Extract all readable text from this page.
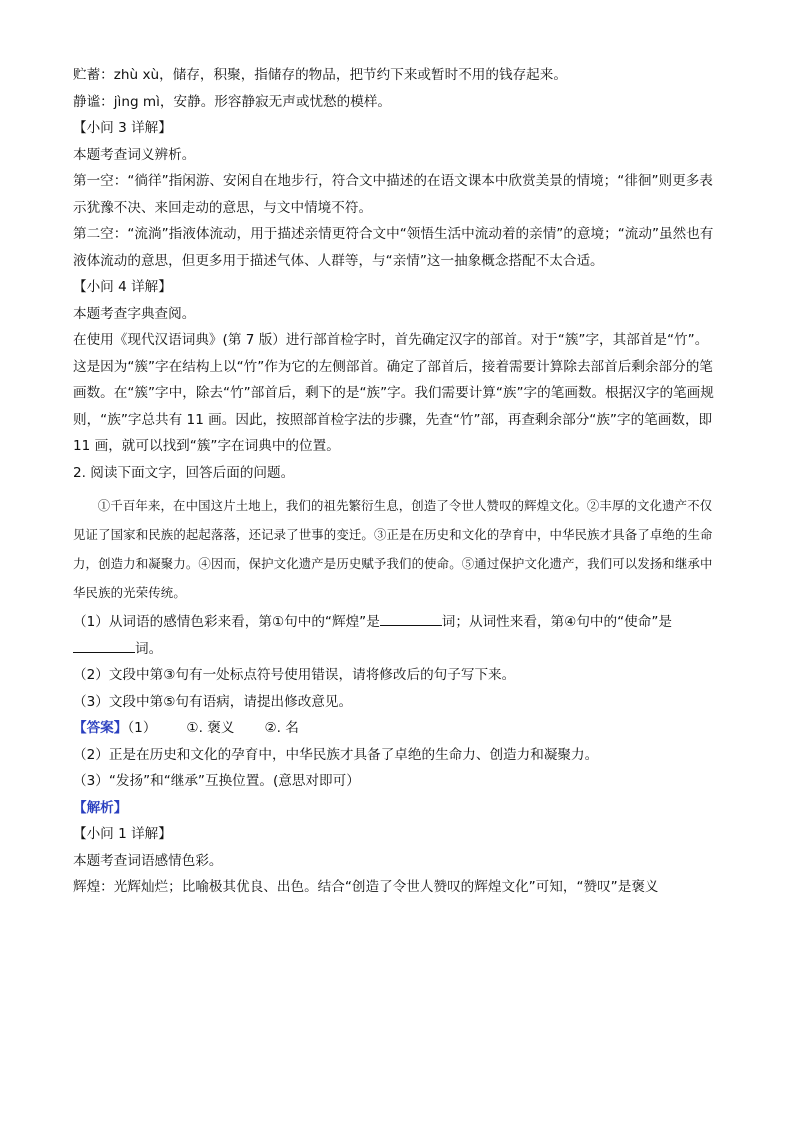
贮蓄：zhù xù，储存，积聚，指储存的物品，把节约下来或暂时不用的钱存起来。
静谧：jìng mì，安静。形容静寂无声或忧愁的模样。
【小问 3 详解】
本题考查词义辨析。
第一空：“徜徉”指闲游、安闲自在地步行，符合文中描述的在语文课本中欣赏美景的情境；“徘徊”则更多表示犹豫不决、来回走动的意思，与文中情境不符。
第二空：“流淌”指液体流动，用于描述亲情更符合文中“领悟生活中流动着的亲情”的意境；“流动”虽然也有液体流动的意思，但更多用于描述气体、人群等，与“亲情”这一抽象概念搭配不太合适。
【小问 4 详解】
本题考查字典查阅。
在使用《现代汉语词典》(第 7 版）进行部首检字时，首先确定汉字的部首。对于“簇”字，其部首是“竹”。这是因为“簇”字在结构上以“竹”作为它的左侧部首。确定了部首后，接着需要计算除去部首后剩余部分的笔画数。在“簇”字中，除去“竹”部首后，剩下的是“族”字。我们需要计算“族”字的笔画数。根据汉字的笔画规则，“族”字总共有 11 画。因此，按照部首检字法的步骤，先查“竹”部，再查剩余部分“族”字的笔画数，即 11 画，就可以找到“簇”字在词典中的位置。
2. 阅读下面文字，回答后面的问题。
①千百年来，在中国这片土地上，我们的祖先繁衍生息，创造了令世人赞叹的辉煌文化。②丰厚的文化遗产不仅见证了国家和民族的起起落落，还记录了世事的变迁。③正是在历史和文化的孕育中，中华民族才具备了卓绝的生命力，创造力和凝聚力。④因而，保护文化遗产是历史赋予我们的使命。⑤通过保护文化遗产，我们可以发扬和继承中华民族的光荣传统。
（1）从词语的感情色彩来看，第①句中的“辉煌”是	词；从词性来看，第④句中的“使命”是
词。
（2）文段中第③句有一处标点符号使用错误，请将修改后的句子写下来。
（3）文段中第⑤句有语病，请提出修改意见。
【答案】（1） ①. 褒义 ②. 名
（2）正是在历史和文化的孕育中，中华民族才具备了卓绝的生命力、创造力和凝聚力。
（3）“发扬”和“继承”互换位置。(意思对即可）
【解析】
【小问 1 详解】
本题考查词语感情色彩。
辉煌：光辉灿烂；比喻极其优良、出色。结合“创造了令世人赞叹的辉煌文化”可知，“赞叹”是褒义
